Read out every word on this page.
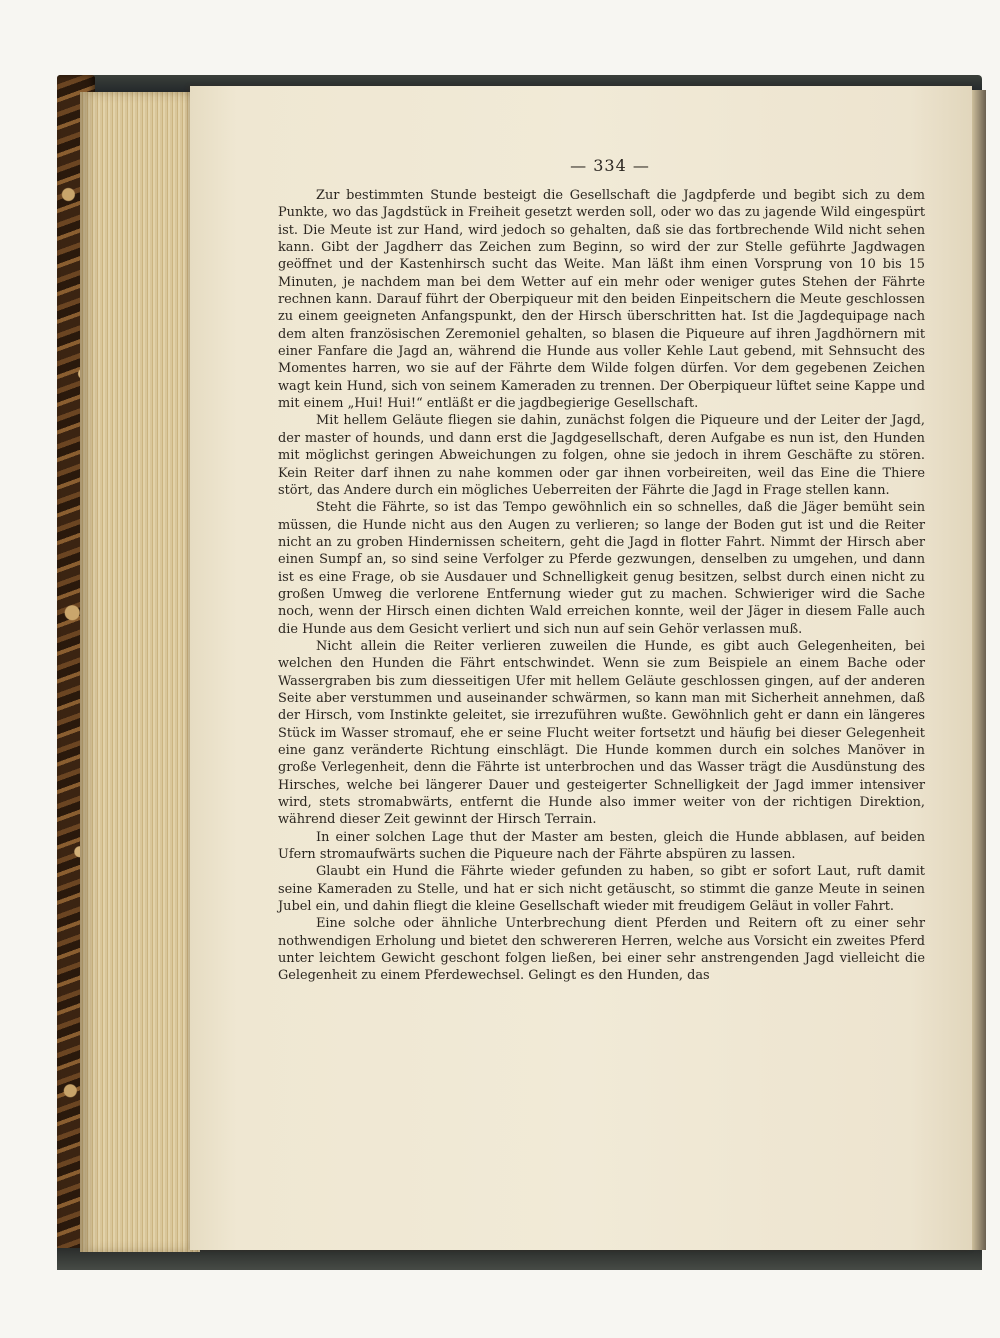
— 334 —

Zur bestimmten Stunde besteigt die Gesellschaft die Jagdpferde und begibt sich zu dem Punkte, wo das Jagdstück in Freiheit gesetzt werden soll, oder wo das zu jagende Wild eingespürt ist. Die Meute ist zur Hand, wird jedoch so gehalten, daß sie das fortbrechende Wild nicht sehen kann. Gibt der Jagdherr das Zeichen zum Beginn, so wird der zur Stelle geführte Jagdwagen geöffnet und der Kastenhirsch sucht das Weite. Man läßt ihm einen Vorsprung von 10 bis 15 Minuten, je nachdem man bei dem Wetter auf ein mehr oder weniger gutes Stehen der Fährte rechnen kann. Darauf führt der Oberpiqueur mit den beiden Einpeitschern die Meute geschlossen zu einem geeigneten Anfangspunkt, den der Hirsch überschritten hat. Ist die Jagdequipage nach dem alten französischen Zeremoniel gehalten, so blasen die Piqueure auf ihren Jagdhörnern mit einer Fanfare die Jagd an, während die Hunde aus voller Kehle Laut gebend, mit Sehnsucht des Momentes harren, wo sie auf der Fährte dem Wilde folgen dürfen. Vor dem gegebenen Zeichen wagt kein Hund, sich von seinem Kameraden zu trennen. Der Oberpiqueur lüftet seine Kappe und mit einem „Hui! Hui!“ entläßt er die jagdbegierige Gesellschaft.

Mit hellem Geläute fliegen sie dahin, zunächst folgen die Piqueure und der Leiter der Jagd, der master of hounds, und dann erst die Jagdgesellschaft, deren Aufgabe es nun ist, den Hunden mit möglichst geringen Abweichungen zu folgen, ohne sie jedoch in ihrem Geschäfte zu stören. Kein Reiter darf ihnen zu nahe kommen oder gar ihnen vorbeireiten, weil das Eine die Thiere stört, das Andere durch ein mögliches Ueberreiten der Fährte die Jagd in Frage stellen kann.

Steht die Fährte, so ist das Tempo gewöhnlich ein so schnelles, daß die Jäger bemüht sein müssen, die Hunde nicht aus den Augen zu verlieren; so lange der Boden gut ist und die Reiter nicht an zu groben Hindernissen scheitern, geht die Jagd in flotter Fahrt. Nimmt der Hirsch aber einen Sumpf an, so sind seine Verfolger zu Pferde gezwungen, denselben zu umgehen, und dann ist es eine Frage, ob sie Ausdauer und Schnelligkeit genug besitzen, selbst durch einen nicht zu großen Umweg die verlorene Entfernung wieder gut zu machen. Schwieriger wird die Sache noch, wenn der Hirsch einen dichten Wald erreichen konnte, weil der Jäger in diesem Falle auch die Hunde aus dem Gesicht verliert und sich nun auf sein Gehör verlassen muß.

Nicht allein die Reiter verlieren zuweilen die Hunde, es gibt auch Gelegenheiten, bei welchen den Hunden die Fährt entschwindet. Wenn sie zum Beispiele an einem Bache oder Wassergraben bis zum diesseitigen Ufer mit hellem Geläute geschlossen gingen, auf der anderen Seite aber verstummen und auseinander schwärmen, so kann man mit Sicherheit annehmen, daß der Hirsch, vom Instinkte geleitet, sie irrezuführen wußte. Gewöhnlich geht er dann ein längeres Stück im Wasser stromauf, ehe er seine Flucht weiter fortsetzt und häufig bei dieser Gelegenheit eine ganz veränderte Richtung einschlägt. Die Hunde kommen durch ein solches Manöver in große Verlegenheit, denn die Fährte ist unterbrochen und das Wasser trägt die Ausdünstung des Hirsches, welche bei längerer Dauer und gesteigerter Schnelligkeit der Jagd immer intensiver wird, stets stromabwärts, entfernt die Hunde also immer weiter von der richtigen Direktion, während dieser Zeit gewinnt der Hirsch Terrain.

In einer solchen Lage thut der Master am besten, gleich die Hunde abblasen, auf beiden Ufern stromaufwärts suchen die Piqueure nach der Fährte abspüren zu lassen.

Glaubt ein Hund die Fährte wieder gefunden zu haben, so gibt er sofort Laut, ruft damit seine Kameraden zu Stelle, und hat er sich nicht getäuscht, so stimmt die ganze Meute in seinen Jubel ein, und dahin fliegt die kleine Gesellschaft wieder mit freudigem Geläut in voller Fahrt.

Eine solche oder ähnliche Unterbrechung dient Pferden und Reitern oft zu einer sehr nothwendigen Erholung und bietet den schwereren Herren, welche aus Vorsicht ein zweites Pferd unter leichtem Gewicht geschont folgen ließen, bei einer sehr anstrengenden Jagd vielleicht die Gelegenheit zu einem Pferdewechsel. Gelingt es den Hunden, das
